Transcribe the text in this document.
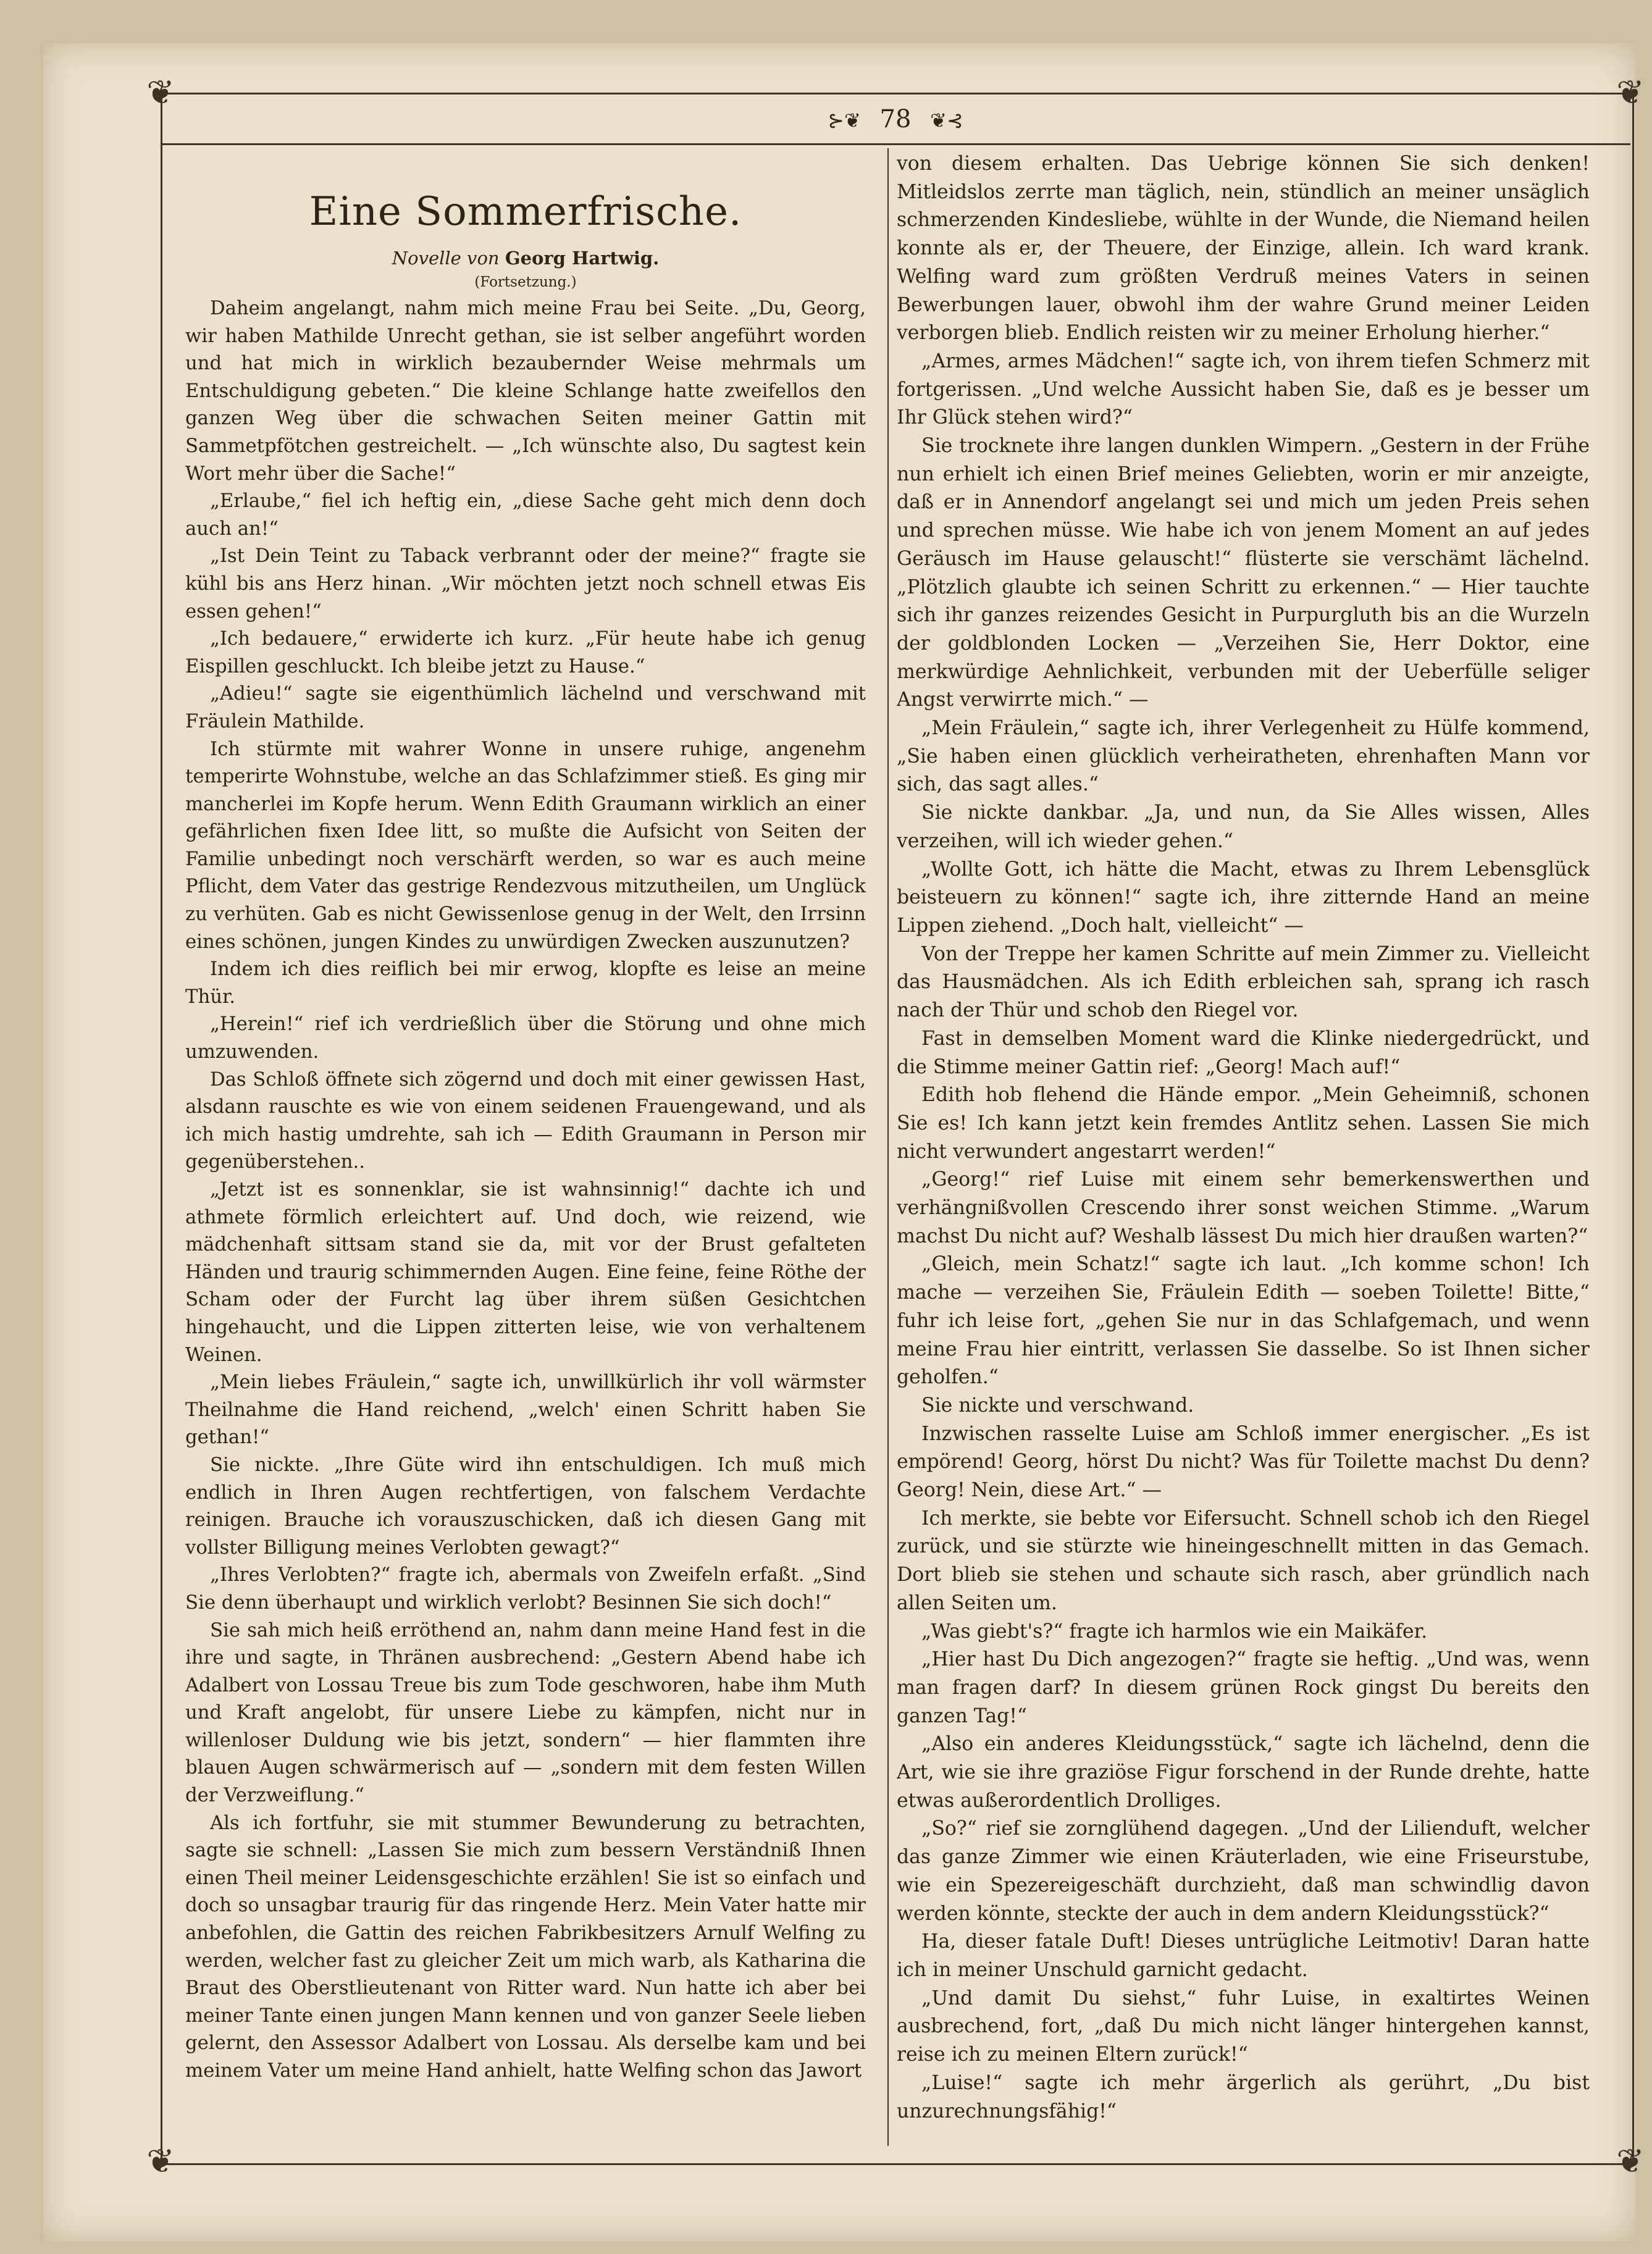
❦	❦
❦	❦
⊱❦ 78 ❦⊰
Eine Sommerfrische.
Novelle von Georg Hartwig.
(Fortsetzung.)

Daheim angelangt, nahm mich meine Frau bei Seite. „Du, Georg, wir haben Mathilde Unrecht gethan, sie ist selber angeführt worden und hat mich in wirklich bezaubernder Weise mehrmals um Entschuldigung gebeten.“ Die kleine Schlange hatte zweifellos den ganzen Weg über die schwachen Seiten meiner Gattin mit Sammetpfötchen gestreichelt. — „Ich wünschte also, Du sagtest kein Wort mehr über die Sache!“

„Erlaube,“ fiel ich heftig ein, „diese Sache geht mich denn doch auch an!“

„Ist Dein Teint zu Taback verbrannt oder der meine?“ fragte sie kühl bis ans Herz hinan. „Wir möchten jetzt noch schnell etwas Eis essen gehen!“

„Ich bedauere,“ erwiderte ich kurz. „Für heute habe ich genug Eispillen geschluckt. Ich bleibe jetzt zu Hause.“

„Adieu!“ sagte sie eigenthümlich lächelnd und verschwand mit Fräulein Mathilde.

Ich stürmte mit wahrer Wonne in unsere ruhige, angenehm temperirte Wohnstube, welche an das Schlafzimmer stieß. Es ging mir mancherlei im Kopfe herum. Wenn Edith Graumann wirklich an einer gefährlichen fixen Idee litt, so mußte die Aufsicht von Seiten der Familie unbedingt noch verschärft werden, so war es auch meine Pflicht, dem Vater das gestrige Rendezvous mitzutheilen, um Unglück zu verhüten. Gab es nicht Gewissenlose genug in der Welt, den Irrsinn eines schönen, jungen Kindes zu unwürdigen Zwecken auszunutzen?

Indem ich dies reiflich bei mir erwog, klopfte es leise an meine Thür.

„Herein!“ rief ich verdrießlich über die Störung und ohne mich umzuwenden.

Das Schloß öffnete sich zögernd und doch mit einer gewissen Hast, alsdann rauschte es wie von einem seidenen Frauengewand, und als ich mich hastig umdrehte, sah ich — Edith Graumann in Person mir gegenüberstehen..

„Jetzt ist es sonnenklar, sie ist wahnsinnig!“ dachte ich und athmete förmlich erleichtert auf. Und doch, wie reizend, wie mädchenhaft sittsam stand sie da, mit vor der Brust gefalteten Händen und traurig schimmernden Augen. Eine feine, feine Röthe der Scham oder der Furcht lag über ihrem süßen Gesichtchen hingehaucht, und die Lippen zitterten leise, wie von verhaltenem Weinen.

„Mein liebes Fräulein,“ sagte ich, unwillkürlich ihr voll wärmster Theilnahme die Hand reichend, „welch' einen Schritt haben Sie gethan!“

Sie nickte. „Ihre Güte wird ihn entschuldigen. Ich muß mich endlich in Ihren Augen rechtfertigen, von falschem Verdachte reinigen. Brauche ich vorauszuschicken, daß ich diesen Gang mit vollster Billigung meines Verlobten gewagt?“

„Ihres Verlobten?“ fragte ich, abermals von Zweifeln erfaßt. „Sind Sie denn überhaupt und wirklich verlobt? Besinnen Sie sich doch!“

Sie sah mich heiß erröthend an, nahm dann meine Hand fest in die ihre und sagte, in Thränen ausbrechend: „Gestern Abend habe ich Adalbert von Lossau Treue bis zum Tode geschworen, habe ihm Muth und Kraft angelobt, für unsere Liebe zu kämpfen, nicht nur in willenloser Duldung wie bis jetzt, sondern“ — hier flammten ihre blauen Augen schwärmerisch auf — „sondern mit dem festen Willen der Verzweiflung.“

Als ich fortfuhr, sie mit stummer Bewunderung zu betrachten, sagte sie schnell: „Lassen Sie mich zum bessern Verständniß Ihnen einen Theil meiner Leidensgeschichte erzählen! Sie ist so einfach und doch so unsagbar traurig für das ringende Herz. Mein Vater hatte mir anbefohlen, die Gattin des reichen Fabrikbesitzers Arnulf Welfing zu werden, welcher fast zu gleicher Zeit um mich warb, als Katharina die Braut des Oberstlieutenant von Ritter ward. Nun hatte ich aber bei meiner Tante einen jungen Mann kennen und von ganzer Seele lieben gelernt, den Assessor Adalbert von Lossau. Als derselbe kam und bei meinem Vater um meine Hand anhielt, hatte Welfing schon das Jawort

von diesem erhalten. Das Uebrige können Sie sich denken! Mitleidslos zerrte man täglich, nein, stündlich an meiner unsäglich schmerzenden Kindesliebe, wühlte in der Wunde, die Niemand heilen konnte als er, der Theuere, der Einzige, allein. Ich ward krank. Welfing ward zum größten Verdruß meines Vaters in seinen Bewerbungen lauer, obwohl ihm der wahre Grund meiner Leiden verborgen blieb. Endlich reisten wir zu meiner Erholung hierher.“

„Armes, armes Mädchen!“ sagte ich, von ihrem tiefen Schmerz mit fortgerissen. „Und welche Aussicht haben Sie, daß es je besser um Ihr Glück stehen wird?“

Sie trocknete ihre langen dunklen Wimpern. „Gestern in der Frühe nun erhielt ich einen Brief meines Geliebten, worin er mir anzeigte, daß er in Annendorf angelangt sei und mich um jeden Preis sehen und sprechen müsse. Wie habe ich von jenem Moment an auf jedes Geräusch im Hause gelauscht!“ flüsterte sie verschämt lächelnd. „Plötzlich glaubte ich seinen Schritt zu erkennen.“ — Hier tauchte sich ihr ganzes reizendes Gesicht in Purpurgluth bis an die Wurzeln der goldblonden Locken — „Verzeihen Sie, Herr Doktor, eine merkwürdige Aehnlichkeit, verbunden mit der Ueberfülle seliger Angst verwirrte mich.“ —

„Mein Fräulein,“ sagte ich, ihrer Verlegenheit zu Hülfe kommend, „Sie haben einen glücklich verheiratheten, ehrenhaften Mann vor sich, das sagt alles.“

Sie nickte dankbar. „Ja, und nun, da Sie Alles wissen, Alles verzeihen, will ich wieder gehen.“

„Wollte Gott, ich hätte die Macht, etwas zu Ihrem Lebensglück beisteuern zu können!“ sagte ich, ihre zitternde Hand an meine Lippen ziehend. „Doch halt, vielleicht“ —

Von der Treppe her kamen Schritte auf mein Zimmer zu. Vielleicht das Hausmädchen. Als ich Edith erbleichen sah, sprang ich rasch nach der Thür und schob den Riegel vor.

Fast in demselben Moment ward die Klinke niedergedrückt, und die Stimme meiner Gattin rief: „Georg! Mach auf!“

Edith hob flehend die Hände empor. „Mein Geheimniß, schonen Sie es! Ich kann jetzt kein fremdes Antlitz sehen. Lassen Sie mich nicht verwundert angestarrt werden!“

„Georg!“ rief Luise mit einem sehr bemerkenswerthen und verhängnißvollen Crescendo ihrer sonst weichen Stimme. „Warum machst Du nicht auf? Weshalb lässest Du mich hier draußen warten?“

„Gleich, mein Schatz!“ sagte ich laut. „Ich komme schon! Ich mache — verzeihen Sie, Fräulein Edith — soeben Toilette! Bitte,“ fuhr ich leise fort, „gehen Sie nur in das Schlafgemach, und wenn meine Frau hier eintritt, verlassen Sie dasselbe. So ist Ihnen sicher geholfen.“

Sie nickte und verschwand.

Inzwischen rasselte Luise am Schloß immer energischer. „Es ist empörend! Georg, hörst Du nicht? Was für Toilette machst Du denn? Georg! Nein, diese Art.“ —

Ich merkte, sie bebte vor Eifersucht. Schnell schob ich den Riegel zurück, und sie stürzte wie hineingeschnellt mitten in das Gemach. Dort blieb sie stehen und schaute sich rasch, aber gründlich nach allen Seiten um.

„Was giebt's?“ fragte ich harmlos wie ein Maikäfer.

„Hier hast Du Dich angezogen?“ fragte sie heftig. „Und was, wenn man fragen darf? In diesem grünen Rock gingst Du bereits den ganzen Tag!“

„Also ein anderes Kleidungsstück,“ sagte ich lächelnd, denn die Art, wie sie ihre graziöse Figur forschend in der Runde drehte, hatte etwas außerordentlich Drolliges.

„So?“ rief sie zornglühend dagegen. „Und der Lilienduft, welcher das ganze Zimmer wie einen Kräuterladen, wie eine Friseurstube, wie ein Spezereigeschäft durchzieht, daß man schwindlig davon werden könnte, steckte der auch in dem andern Kleidungsstück?“

Ha, dieser fatale Duft! Dieses untrügliche Leitmotiv! Daran hatte ich in meiner Unschuld garnicht gedacht.

„Und damit Du siehst,“ fuhr Luise, in exaltirtes Weinen ausbrechend, fort, „daß Du mich nicht länger hintergehen kannst, reise ich zu meinen Eltern zurück!“

„Luise!“ sagte ich mehr ärgerlich als gerührt, „Du bist unzurechnungsfähig!“
